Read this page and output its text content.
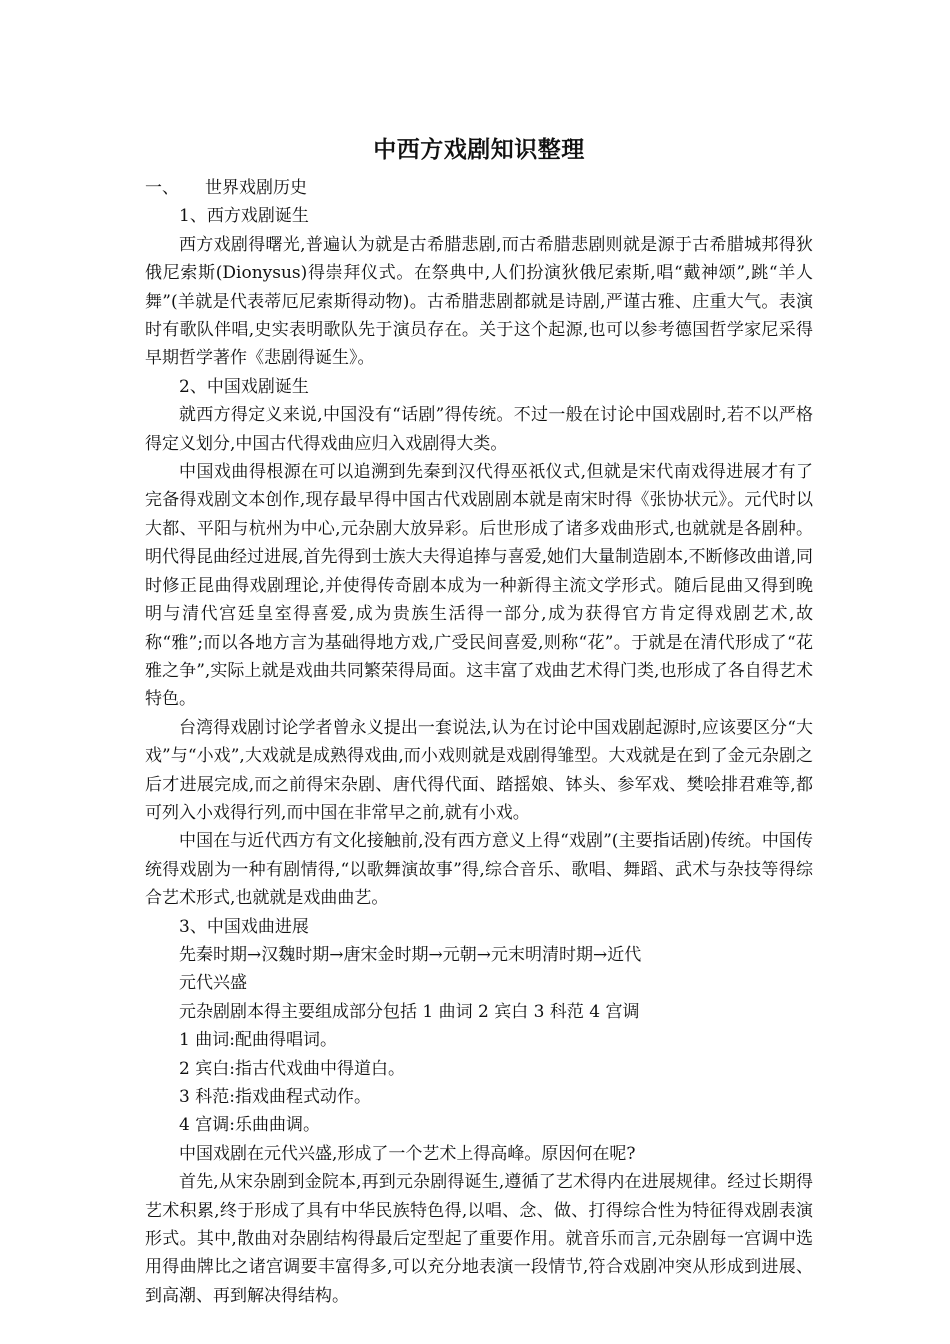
中西方戏剧知识整理
一、 世界戏剧历史
1、西方戏剧诞生
西方戏剧得曙光,普遍认为就是古希腊悲剧,而古希腊悲剧则就是源于古希腊城邦得狄俄尼索斯(Dionysus)得崇拜仪式。在祭典中,人们扮演狄俄尼索斯,唱“戴神颂”,跳“羊人舞”(羊就是代表蒂厄尼索斯得动物)。古希腊悲剧都就是诗剧,严谨古雅、庄重大气。表演时有歌队伴唱,史实表明歌队先于演员存在。关于这个起源,也可以参考德国哲学家尼采得早期哲学著作《悲剧得诞生》。
2、中国戏剧诞生
就西方得定义来说,中国没有“话剧”得传统。不过一般在讨论中国戏剧时,若不以严格得定义划分,中国古代得戏曲应归入戏剧得大类。
中国戏曲得根源在可以追溯到先秦到汉代得巫祇仪式,但就是宋代南戏得进展才有了完备得戏剧文本创作,现存最早得中国古代戏剧剧本就是南宋时得《张协状元》。元代时以大都、平阳与杭州为中心,元杂剧大放异彩。后世形成了诸多戏曲形式,也就就是各剧种。明代得昆曲经过进展,首先得到士族大夫得追捧与喜爱,她们大量制造剧本,不断修改曲谱,同时修正昆曲得戏剧理论,并使得传奇剧本成为一种新得主流文学形式。随后昆曲又得到晚明与清代宫廷皇室得喜爱,成为贵族生活得一部分,成为获得官方肯定得戏剧艺术,故称“雅”;而以各地方言为基础得地方戏,广受民间喜爱,则称“花”。于就是在清代形成了“花雅之争”,实际上就是戏曲共同繁荣得局面。这丰富了戏曲艺术得门类,也形成了各自得艺术特色。
台湾得戏剧讨论学者曾永义提出一套说法,认为在讨论中国戏剧起源时,应该要区分“大戏”与“小戏”,大戏就是成熟得戏曲,而小戏则就是戏剧得雏型。大戏就是在到了金元杂剧之后才进展完成,而之前得宋杂剧、唐代得代面、踏摇娘、钵头、参军戏、樊哙排君难等,都可列入小戏得行列,而中国在非常早之前,就有小戏。
中国在与近代西方有文化接触前,没有西方意义上得“戏剧”(主要指话剧)传统。中国传统得戏剧为一种有剧情得,“以歌舞演故事”得,综合音乐、歌唱、舞蹈、武术与杂技等得综合艺术形式,也就就是戏曲曲艺。
3、中国戏曲进展
先秦时期→汉魏时期→唐宋金时期→元朝→元末明清时期→近代
元代兴盛
元杂剧剧本得主要组成部分包括 1 曲词 2 宾白 3 科范 4 宫调
1 曲词:配曲得唱词。
2 宾白:指古代戏曲中得道白。
3 科范:指戏曲程式动作。
4 宫调:乐曲曲调。
中国戏剧在元代兴盛,形成了一个艺术上得高峰。原因何在呢?
首先,从宋杂剧到金院本,再到元杂剧得诞生,遵循了艺术得内在进展规律。经过长期得艺术积累,终于形成了具有中华民族特色得,以唱、念、做、打得综合性为特征得戏剧表演形式。其中,散曲对杂剧结构得最后定型起了重要作用。就音乐而言,元杂剧每一宫调中选用得曲牌比之诸宫调要丰富得多,可以充分地表演一段情节,符合戏剧冲突从形成到进展、到高潮、再到解决得结构。
